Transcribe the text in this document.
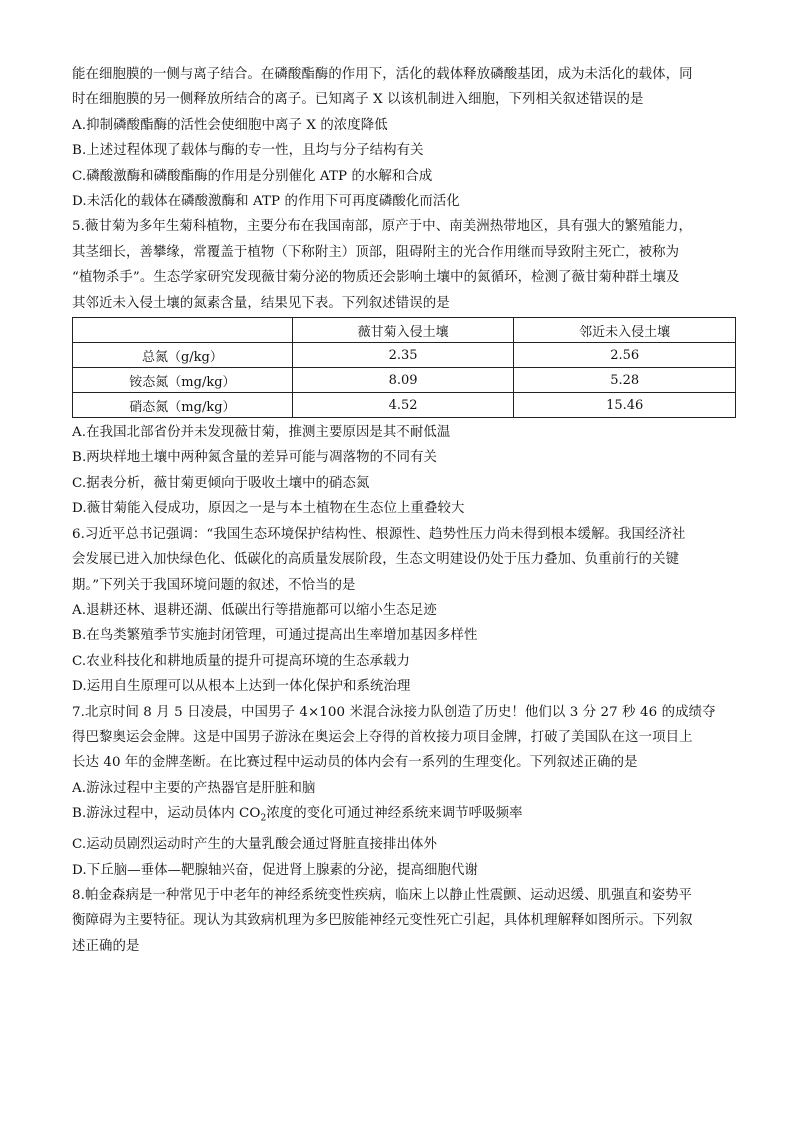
能在细胞膜的一侧与离子结合。在磷酸酯酶的作用下，活化的载体释放磷酸基团，成为未活化的载体，同
时在细胞膜的另一侧释放所结合的离子。已知离子 X 以该机制进入细胞，下列相关叙述错误的是
A.抑制磷酸酯酶的活性会使细胞中离子 X 的浓度降低
B.上述过程体现了载体与酶的专一性，且均与分子结构有关
C.磷酸激酶和磷酸酯酶的作用是分别催化 ATP 的水解和合成
D.未活化的载体在磷酸激酶和 ATP 的作用下可再度磷酸化而活化
5.薇甘菊为多年生菊科植物，主要分布在我国南部，原产于中、南美洲热带地区，具有强大的繁殖能力，
其茎细长，善攀缘，常覆盖于植物（下称附主）顶部，阻碍附主的光合作用继而导致附主死亡，被称为
“植物杀手”。生态学家研究发现薇甘菊分泌的物质还会影响土壤中的氮循环，检测了薇甘菊种群土壤及
其邻近未入侵土壤的氮素含量，结果见下表。下列叙述错误的是
	薇甘菊入侵土壤	邻近未入侵土壤
总氮（g/kg）	2.35	2.56
铵态氮（mg/kg）	8.09	5.28
硝态氮（mg/kg）	4.52	15.46
A.在我国北部省份并未发现薇甘菊，推测主要原因是其不耐低温
B.两块样地土壤中两种氮含量的差异可能与凋落物的不同有关
C.据表分析，薇甘菊更倾向于吸收土壤中的硝态氮
D.薇甘菊能入侵成功，原因之一是与本土植物在生态位上重叠较大
6.习近平总书记强调：“我国生态环境保护结构性、根源性、趋势性压力尚未得到根本缓解。我国经济社
会发展已进入加快绿色化、低碳化的高质量发展阶段，生态文明建设仍处于压力叠加、负重前行的关键
期。”下列关于我国环境问题的叙述，不恰当的是
A.退耕还林、退耕还湖、低碳出行等措施都可以缩小生态足迹
B.在鸟类繁殖季节实施封闭管理，可通过提高出生率增加基因多样性
C.农业科技化和耕地质量的提升可提高环境的生态承载力
D.运用自生原理可以从根本上达到一体化保护和系统治理
7.北京时间 8 月 5 日凌晨，中国男子 4×100 米混合泳接力队创造了历史！他们以 3 分 27 秒 46 的成绩夺
得巴黎奥运会金牌。这是中国男子游泳在奥运会上夺得的首枚接力项目金牌，打破了美国队在这一项目上
长达 40 年的金牌垄断。在比赛过程中运动员的体内会有一系列的生理变化。下列叙述正确的是
A.游泳过程中主要的产热器官是肝脏和脑
B.游泳过程中，运动员体内 $CO_2$浓度的变化可通过神经系统来调节呼吸频率
C.运动员剧烈运动时产生的大量乳酸会通过肾脏直接排出体外
D.下丘脑—垂体—靶腺轴兴奋，促进肾上腺素的分泌，提高细胞代谢
8.帕金森病是一种常见于中老年的神经系统变性疾病，临床上以静止性震颤、运动迟缓、肌强直和姿势平
衡障碍为主要特征。现认为其致病机理为多巴胺能神经元变性死亡引起，具体机理解释如图所示。下列叙
述正确的是
